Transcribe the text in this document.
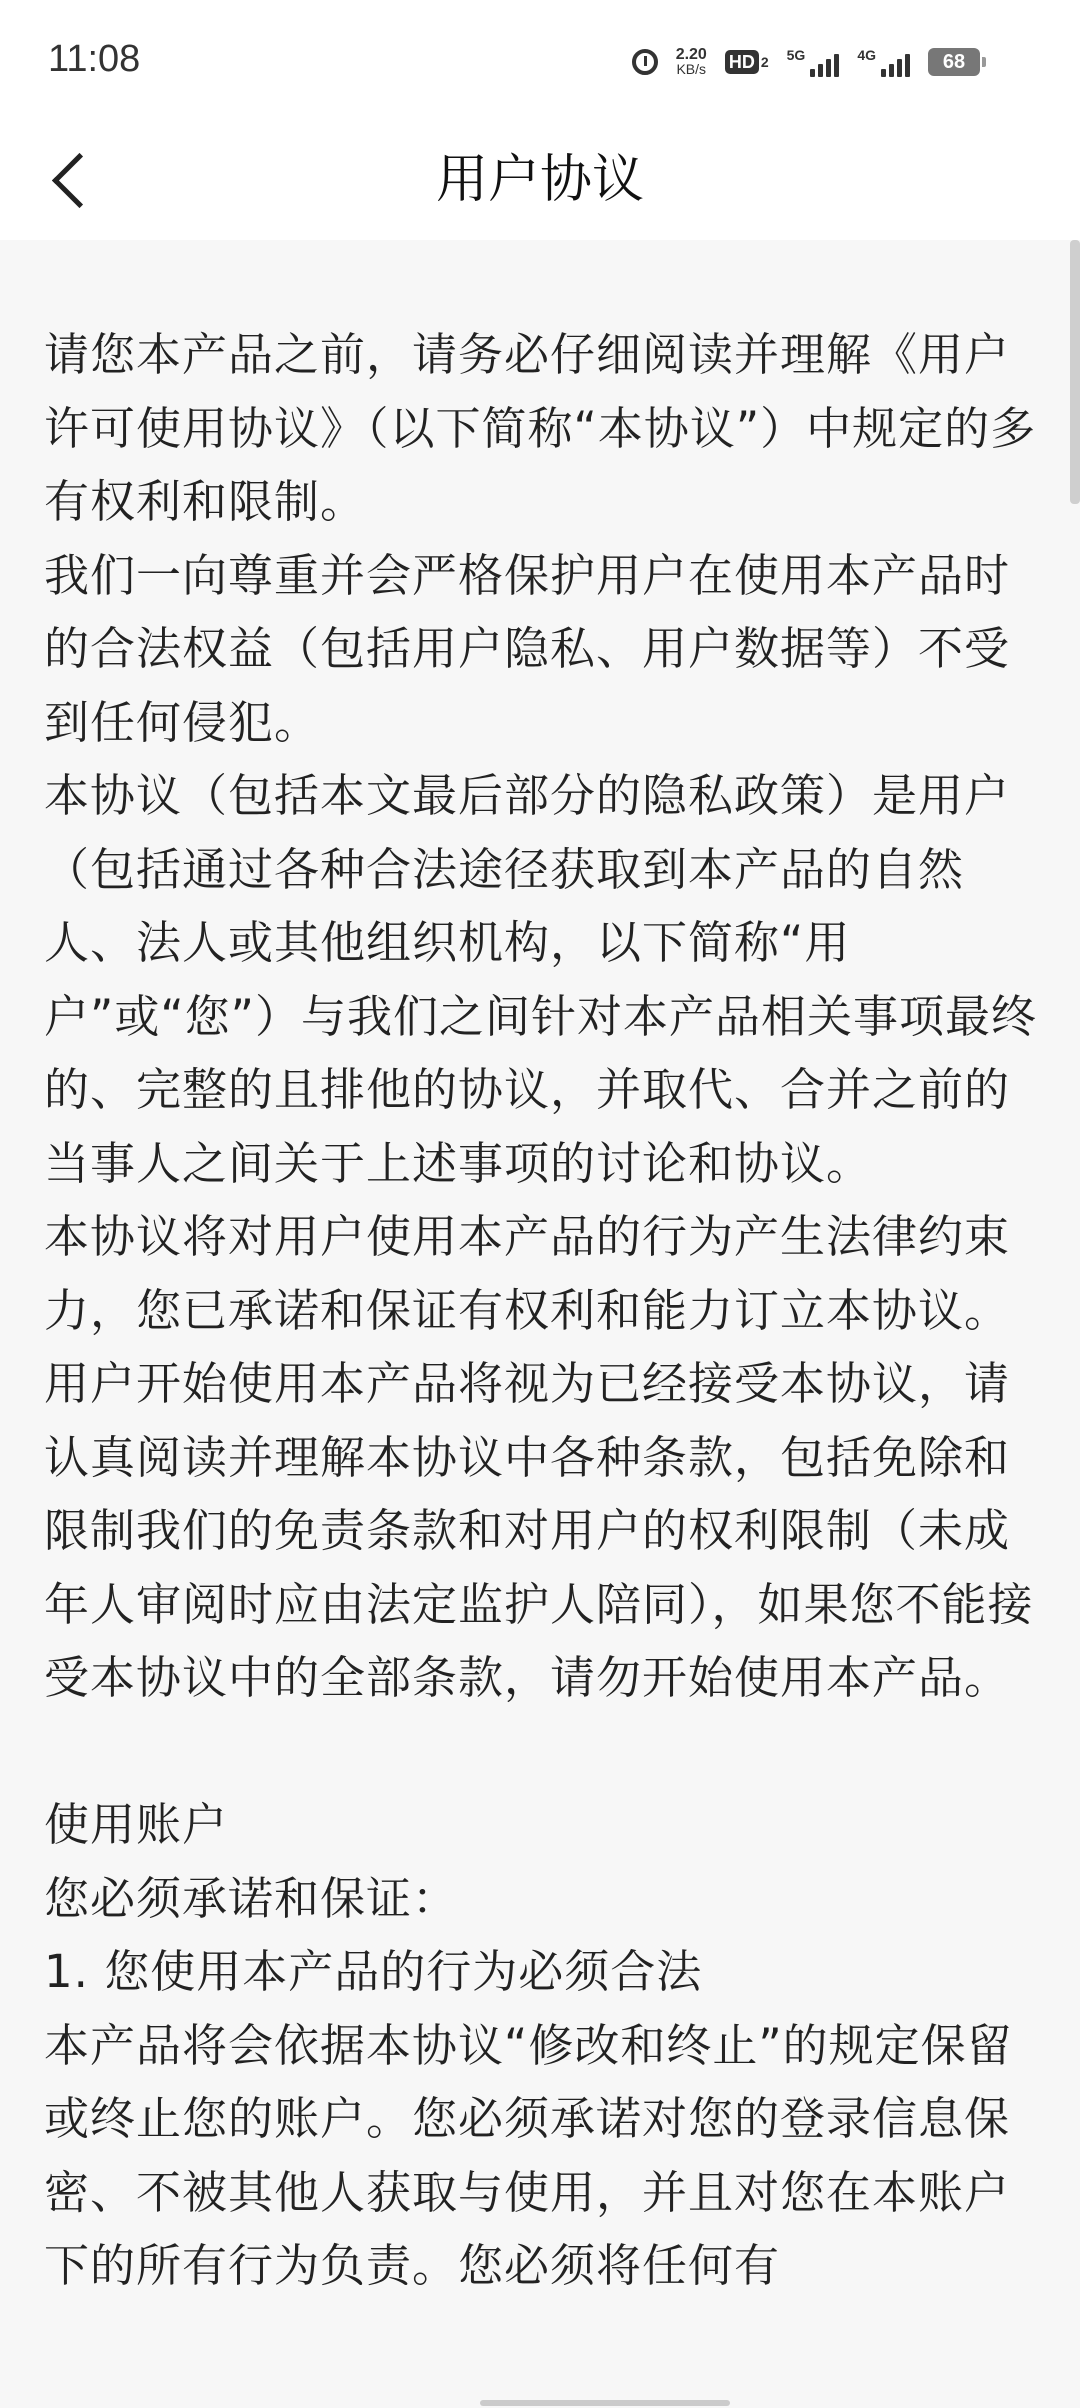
11:08	2.20
KB/s HD 2 5G	4G	68
用户协议

请您本产品之前，请务必仔细阅读并理解《用户许可使用协议》（以下简称“本协议”）中规定的多有权利和限制。

我们一向尊重并会严格保护用户在使用本产品时的合法权益（包括用户隐私、用户数据等）不受到任何侵犯。

本协议（包括本文最后部分的隐私政策）是用户（包括通过各种合法途径获取到本产品的自然人、法人或其他组织机构，以下简称“用户”或“您”）与我们之间针对本产品相关事项最终的、完整的且排他的协议，并取代、合并之前的当事人之间关于上述事项的讨论和协议。

本协议将对用户使用本产品的行为产生法律约束力，您已承诺和保证有权利和能力订立本协议。用户开始使用本产品将视为已经接受本协议，请认真阅读并理解本协议中各种条款，包括免除和限制我们的免责条款和对用户的权利限制（未成年人审阅时应由法定监护人陪同），如果您不能接受本协议中的全部条款，请勿开始使用本产品。

使用账户

您必须承诺和保证：

1. 您使用本产品的行为必须合法

本产品将会依据本协议“修改和终止”的规定保留或终止您的账户。您必须承诺对您的登录信息保密、不被其他人获取与使用，并且对您在本账户下的所有行为负责。您必须将任何有
